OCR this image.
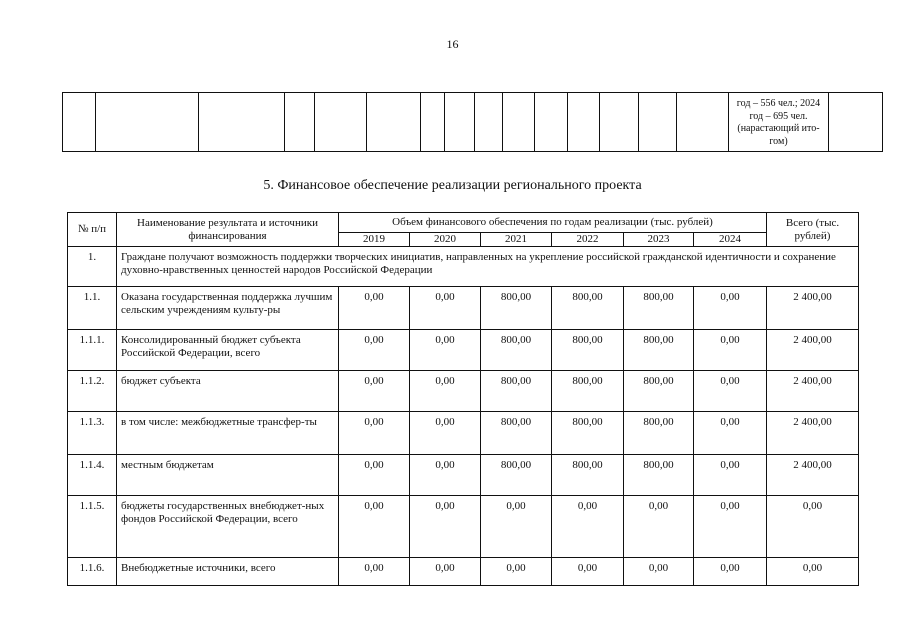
16

год – 556 чел.; 2024
год – 695 чел.
(нарастающий ито-
гом)

5. Финансовое обеспечение реализации регионального проекта
№ п/п	Наименование результата и источники финансирования	Объем финансового обеспечения по годам реализации (тыс. рублей)						Всего (тыс. рублей)
		2019	2020	2021	2022	2023	2024	
1.	Граждане получают возможность поддержки творческих инициатив, направленных на укрепление российской гражданской идентичности и сохранение духовно-нравственных ценностей народов Российской Федерации							
1.1.	Оказана государственная поддержка лучшим сельским учреждениям культу-ры	0,00	0,00	800,00	800,00	800,00	0,00	2 400,00
1.1.1.	Консолидированный бюджет субъекта Российской Федерации, всего	0,00	0,00	800,00	800,00	800,00	0,00	2 400,00
1.1.2.	бюджет субъекта	0,00	0,00	800,00	800,00	800,00	0,00	2 400,00
1.1.3.	в том числе: межбюджетные трансфер-ты	0,00	0,00	800,00	800,00	800,00	0,00	2 400,00
1.1.4.	местным бюджетам	0,00	0,00	800,00	800,00	800,00	0,00	2 400,00
1.1.5.	бюджеты государственных внебюджет-ных фондов Российской Федерации, всего	0,00	0,00	0,00	0,00	0,00	0,00	0,00
1.1.6.	Внебюджетные источники, всего	0,00	0,00	0,00	0,00	0,00	0,00	0,00
